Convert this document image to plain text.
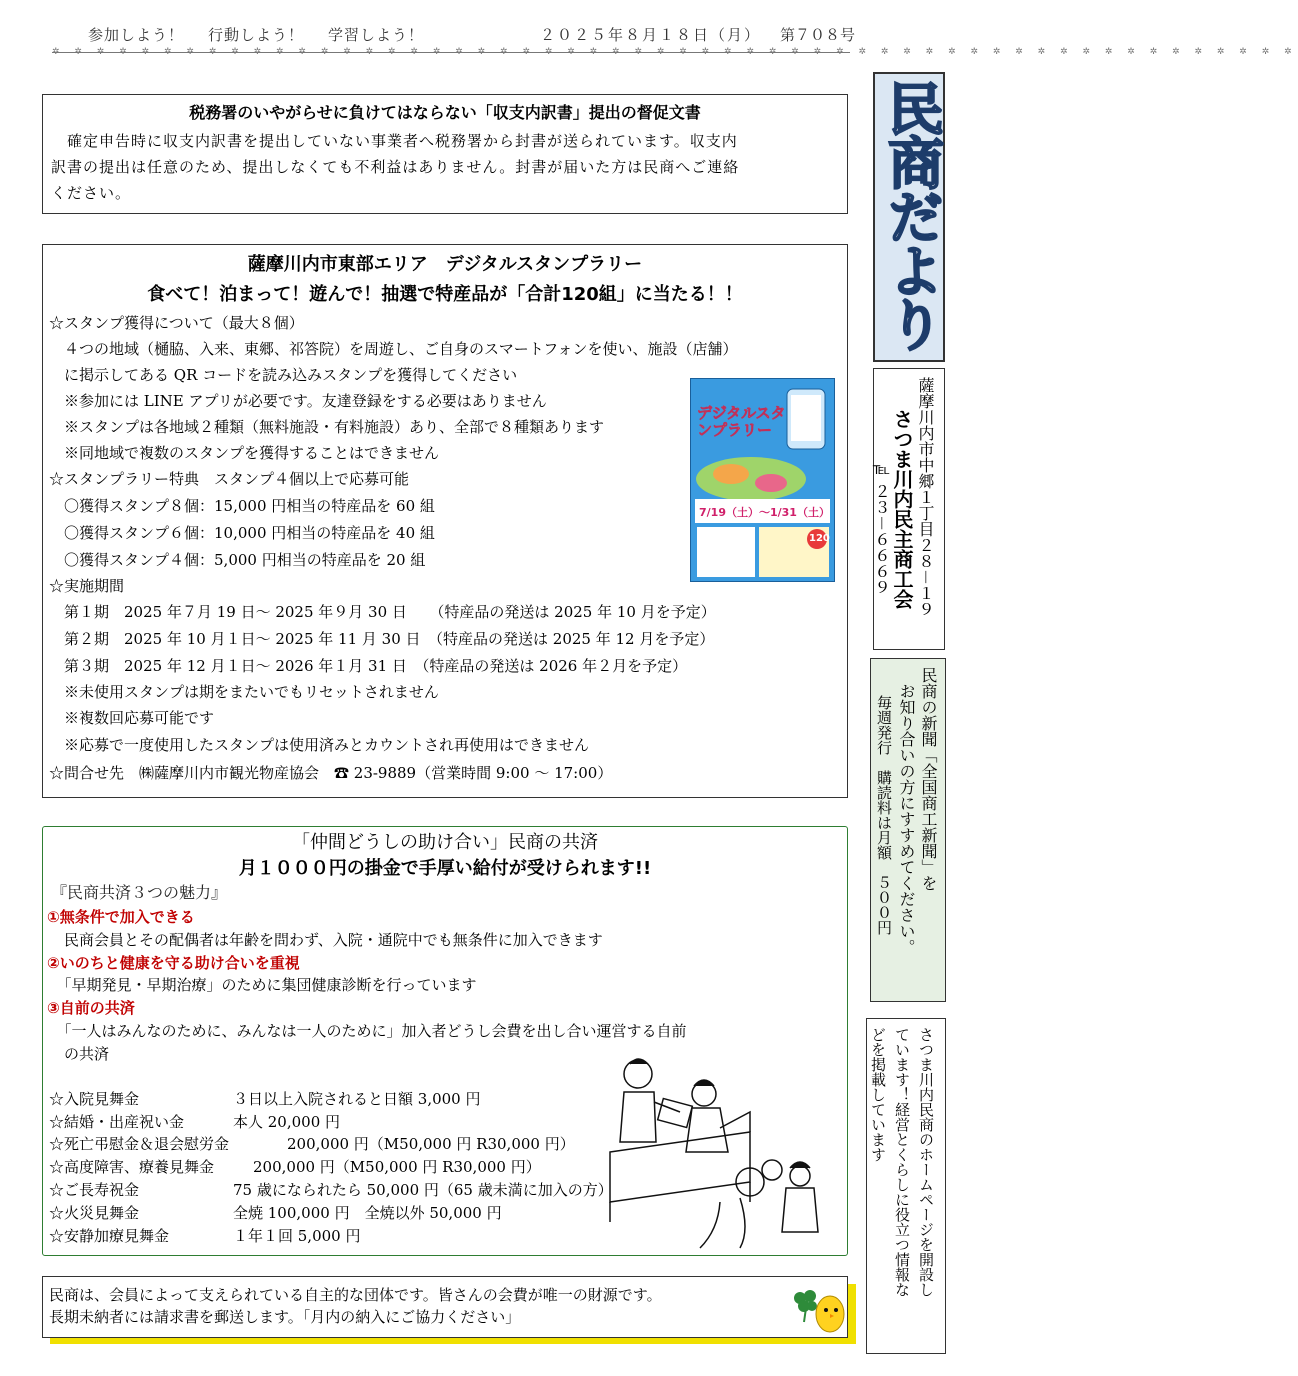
参加しよう！ 行動しよう！ 学習しよう！	２０２５年８月１８日（月） 第７０８号
✲ ✲ ✲ ✲ ✲ ✲ ✲ ✲ ✲ ✲ ✲ ✲ ✲ ✲ ✲ ✲ ✲ ✲ ✲ ✲ ✲ ✲ ✲ ✲ ✲ ✲ ✲ ✲ ✲ ✲ ✲ ✲ ✲ ✲ ✲ ✲ ✲ ✲ ✲ ✲ ✲ ✲ ✲ ✲ ✲ ✲ ✲ ✲ ✲ ✲ ✲ ✲ ✲ ✲ ✲ ✲
民商だより
薩摩川内市中郷１丁目２８－１９
さつま川内民主商工会
℡ ２３－６６６９
民商の新聞「全国商工新聞」を
お知り合いの方にすすめてください。
毎週発行　購読料は月額　５００円
さつま川内民商のホームページを開設し
ています！経営とくらしに役立つ情報な
どを掲載しています
税務署のいやがらせに負けてはならない「収支内訳書」提出の督促文書
　確定申告時に収支内訳書を提出していない事業者へ税務署から封書が送られています。収支内
訳書の提出は任意のため、提出しなくても不利益はありません。封書が届いた方は民商へご連絡
ください。
薩摩川内市東部エリア　デジタルスタンプラリー
食べて！泊まって！遊んで！抽選で特産品が「合計120組」に当たる！！
☆スタンプ獲得について（最大８個）
　４つの地域（樋脇、入来、東郷、祁答院）を周遊し、ご自身のスマートフォンを使い、施設（店舗）
　に掲示してある QR コードを読み込みスタンプを獲得してください
　※参加には LINE アプリが必要です。友達登録をする必要はありません
　※スタンプは各地域２種類（無料施設・有料施設）あり、全部で８種類あります
　※同地域で複数のスタンプを獲得することはできません
☆スタンプラリー特典　スタンプ４個以上で応募可能
　〇獲得スタンプ８個：15,000 円相当の特産品を 60 組
　〇獲得スタンプ６個：10,000 円相当の特産品を 40 組
　〇獲得スタンプ４個：5,000 円相当の特産品を 20 組
☆実施期間
　第１期　2025 年７月 19 日～ 2025 年９月 30 日　　（特産品の発送は 2025 年 10 月を予定）
　第２期　2025 年 10 月１日～ 2025 年 11 月 30 日　（特産品の発送は 2025 年 12 月を予定）
　第３期　2025 年 12 月１日～ 2026 年１月 31 日　（特産品の発送は 2026 年２月を予定）
　※未使用スタンプは期をまたいでもリセットされません
　※複数回応募可能です
　※応募で一度使用したスタンプは使用済みとカウントされ再使用はできません
☆問合せ先　㈱薩摩川内市観光物産協会　☎ 23-9889（営業時間 9:00 ～ 17:00）
デジタルスタンプラリー
7/19（土）〜1/31（土）
120
「仲間どうしの助け合い」民商の共済
月１０００円の掛金で手厚い給付が受けられます!!
『民商共済３つの魅力』
①無条件で加入できる
　民商会員とその配偶者は年齢を問わず、入院・通院中でも無条件に加入できます
②いのちと健康を守る助け合いを重視
　「早期発見・早期治療」のために集団健康診断を行っています
③自前の共済
　「一人はみんなのために、みんなは一人のために」加入者どうし会費を出し合い運営する自前
　の共済
☆入院見舞金	３日以上入院されると日額 3,000 円
☆結婚・出産祝い金	本人 20,000 円
☆死亡弔慰金＆退会慰労金	200,000 円（M50,000 円 R30,000 円）
☆高度障害、療養見舞金	200,000 円（M50,000 円 R30,000 円）
☆ご長寿祝金	75 歳になられたら 50,000 円（65 歳未満に加入の方）
☆火災見舞金	全焼 100,000 円　全焼以外 50,000 円
☆安静加療見舞金	１年１回 5,000 円
民商は、会員によって支えられている自主的な団体です。皆さんの会費が唯一の財源です。
長期未納者には請求書を郵送します。「月内の納入にご協力ください」
